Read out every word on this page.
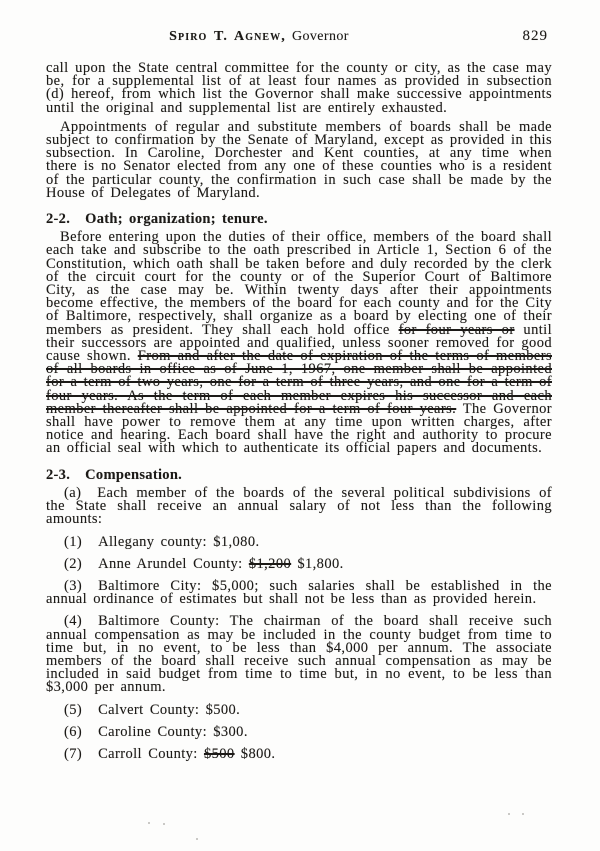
Spiro T. Agnew, Governor	829

call upon the State central committee for the county or city, as the case may be, for a supplemental list of at least four names as provided in subsection (d) hereof, from which list the Governor shall make successive appointments until the original and supplemental list are entirely exhausted.

Appointments of regular and substitute members of boards shall be made subject to confirmation by the Senate of Maryland, except as provided in this subsection. In Caroline, Dorchester and Kent counties, at any time when there is no Senator elected from any one of these counties who is a resident of the particular county, the confirmation in such case shall be made by the House of Delegates of Maryland.

2-2. Oath; organization; tenure.

Before entering upon the duties of their office, members of the board shall each take and subscribe to the oath prescribed in Article 1, Section 6 of the Constitution, which oath shall be taken before and duly recorded by the clerk of the circuit court for the county or of the Superior Court of Baltimore City, as the case may be. Within twenty days after their appointments become effective, the members of the board for each county and for the City of Baltimore, respectively, shall organize as a board by electing one of their members as president. They shall each hold office for four years or until their successors are appointed and qualified, unless sooner removed for good cause shown. From and after the date of expiration of the terms of members of all boards in office as of June 1, 1967, one member shall be appointed for a term of two years, one for a term of three years, and one for a term of four years. As the term of each member expires his successor and each member thereafter shall be appointed for a term of four years. The Governor shall have power to remove them at any time upon written charges, after notice and hearing. Each board shall have the right and authority to procure an official seal with which to authenticate its official papers and documents.

2-3. Compensation.

(a) Each member of the boards of the several political subdivisions of the State shall receive an annual salary of not less than the following amounts:

(1) Allegany county: $1,080.

(2) Anne Arundel County: $1,200 $1,800.

(3) Baltimore City: $5,000; such salaries shall be established in the annual ordinance of estimates but shall not be less than as provided herein.

(4) Baltimore County: The chairman of the board shall receive such annual compensation as may be included in the county budget from time to time but, in no event, to be less than $4,000 per annum. The associate members of the board shall receive such annual compensation as may be included in said budget from time to time but, in no event, to be less than $3,000 per annum.

(5) Calvert County: $500.

(6) Caroline County: $300.

(7) Carroll County: $500 $800.
